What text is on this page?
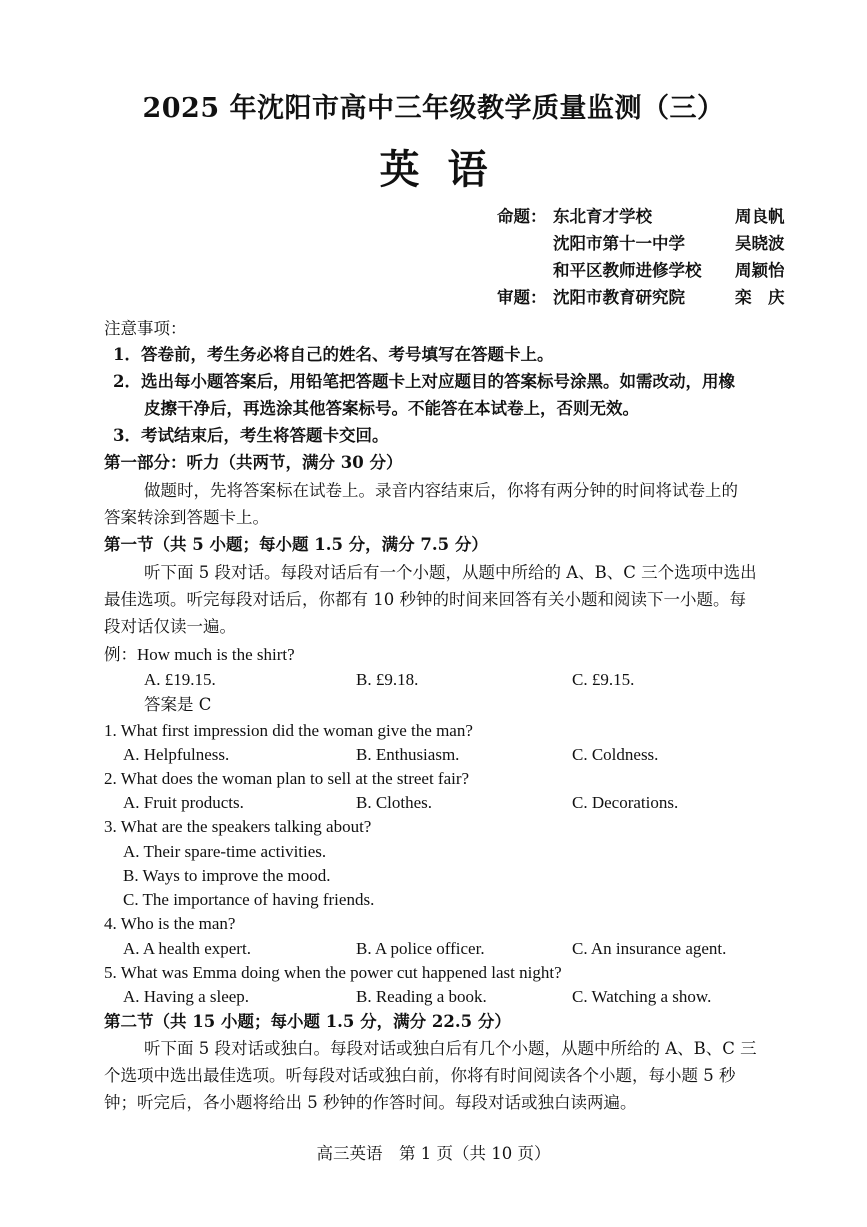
2025 年沈阳市高中三年级教学质量监测（三）
英 语
命题： 东北育才学校	周良帆
沈阳市第十一中学	吴晓波
和平区教师进修学校 周颖怡
审题： 沈阳市教育研究院	栾　庆
注意事项：
1．答卷前，考生务必将自己的姓名、考号填写在答题卡上。
2．选出每小题答案后，用铅笔把答题卡上对应题目的答案标号涂黑。如需改动，用橡
皮擦干净后，再选涂其他答案标号。不能答在本试卷上，否则无效。
3．考试结束后，考生将答题卡交回。
第一部分：听力（共两节，满分 30 分）
做题时，先将答案标在试卷上。录音内容结束后，你将有两分钟的时间将试卷上的
答案转涂到答题卡上。
第一节（共 5 小题；每小题 1.5 分，满分 7.5 分）
听下面 5 段对话。每段对话后有一个小题，从题中所给的 A、B、C 三个选项中选出
最佳选项。听完每段对话后，你都有 10 秒钟的时间来回答有关小题和阅读下一小题。每
段对话仅读一遍。
例：How much is the shirt?
A. £19.15.	B. £9.18.	C. £9.15.
答案是 C
1. What first impression did the woman give the man?
A. Helpfulness.	B. Enthusiasm.	C. Coldness.
2. What does the woman plan to sell at the street fair?
A. Fruit products.	B. Clothes.	C. Decorations.
3. What are the speakers talking about?
A. Their spare-time activities.
B. Ways to improve the mood.
C. The importance of having friends.
4. Who is the man?
A. A health expert.	B. A police officer.	C. An insurance agent.
5. What was Emma doing when the power cut happened last night?
A. Having a sleep.	B. Reading a book.	C. Watching a show.
第二节（共 15 小题；每小题 1.5 分，满分 22.5 分）
听下面 5 段对话或独白。每段对话或独白后有几个小题，从题中所给的 A、B、C 三
个选项中选出最佳选项。听每段对话或独白前，你将有时间阅读各个小题，每小题 5 秒
钟；听完后，各小题将给出 5 秒钟的作答时间。每段对话或独白读两遍。
高三英语　第 1 页（共 10 页）
